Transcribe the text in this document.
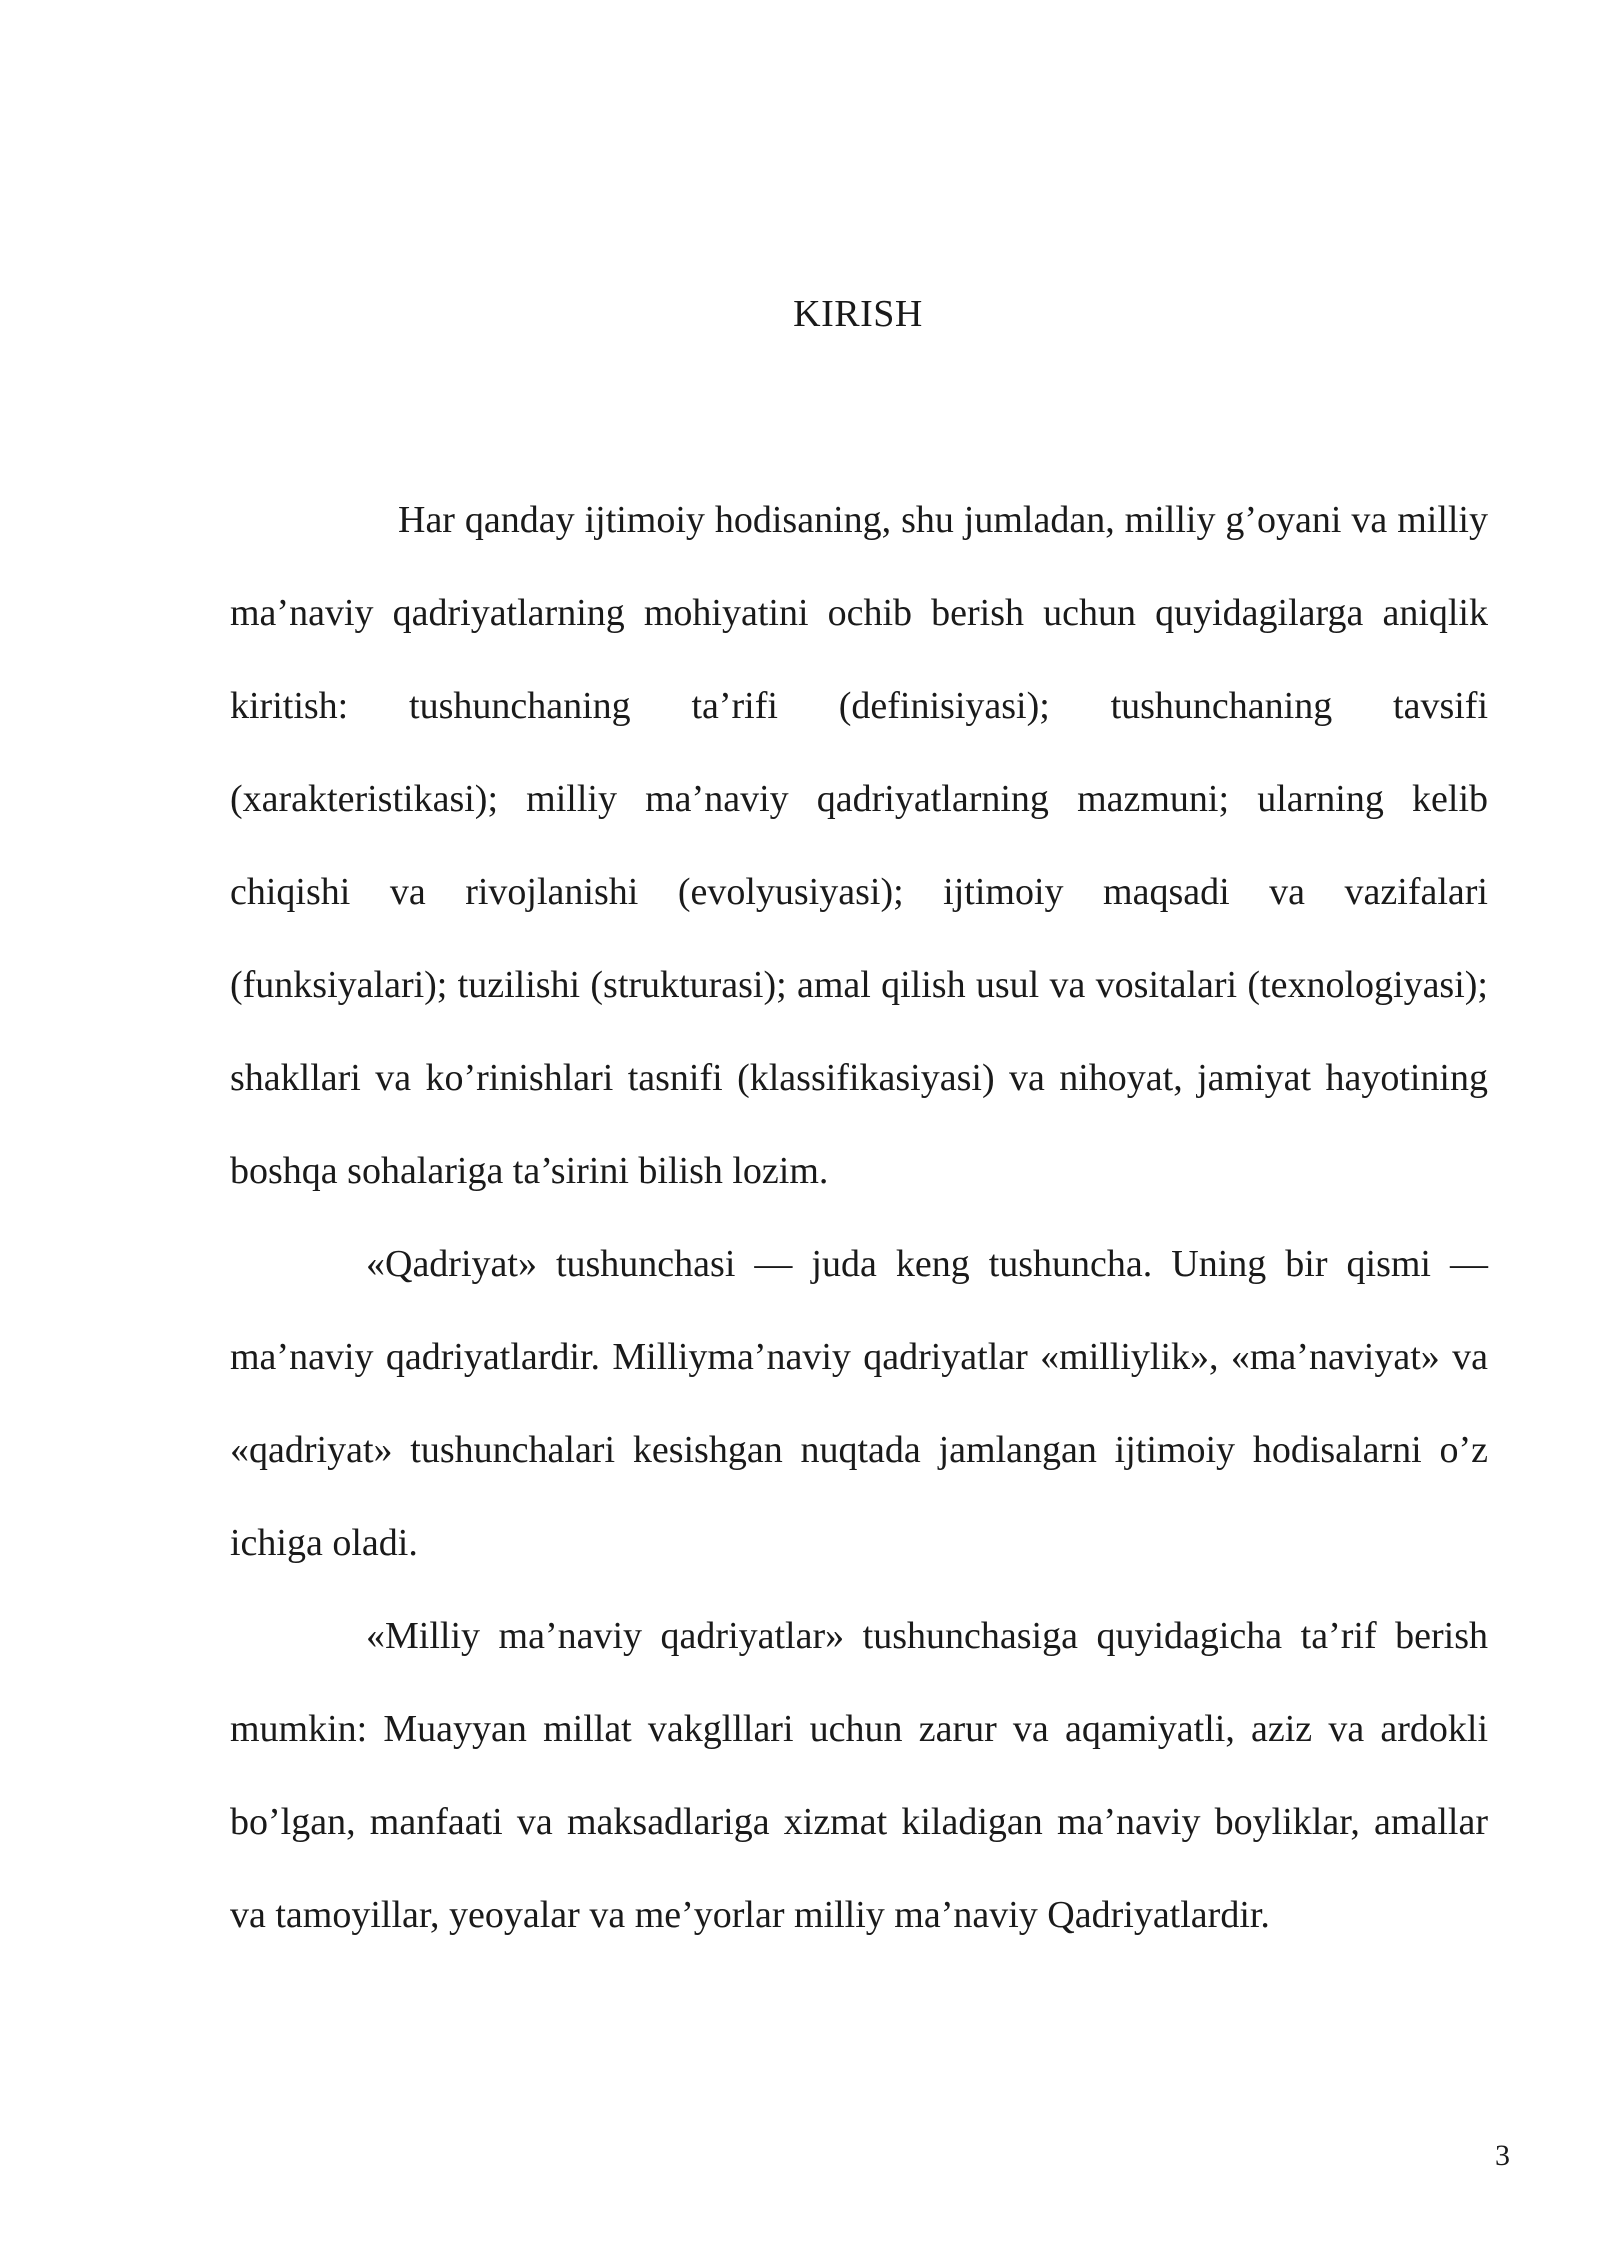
KIRISH

Har qanday ijtimoiy hodisaning, shu jumladan, milliy g’oyani va milliy ma’naviy qadriyatlarning mohiyatini ochib berish uchun quyidagilarga aniqlik kiritish: tushunchaning ta’rifi (definisiyasi); tushunchaning tavsifi (xarakteristikasi); milliy ma’naviy qadriyatlarning mazmuni; ularning kelib chiqishi va rivojlanishi (evolyusiyasi); ijtimoiy maqsadi va vazifalari (funksiyalari); tuzilishi (strukturasi); amal qilish usul va vositalari (texnologiyasi); shakllari va ko’rinishlari tasnifi (klassifikasiyasi) va nihoyat, jamiyat hayotining boshqa sohalariga ta’sirini bilish lozim.

«Qadriyat» tushunchasi — juda keng tushuncha. Uning bir qismi — ma’naviy qadriyatlardir. Milliyma’naviy qadriyatlar «milliylik», «ma’naviyat» va «qadriyat» tushunchalari kesishgan nuqtada jamlangan ijtimoiy hodisalarni o’z ichiga oladi.

«Milliy ma’naviy qadriyatlar» tushunchasiga quyidagicha ta’rif berish mumkin: Muayyan millat vakglllari uchun zarur va aqamiyatli, aziz va ardokli bo’lgan, manfaati va maksadlariga xizmat kiladigan ma’naviy boyliklar, amallar va tamoyillar, yeoyalar va me’yorlar milliy ma’naviy Qadriyatlardir.

3
